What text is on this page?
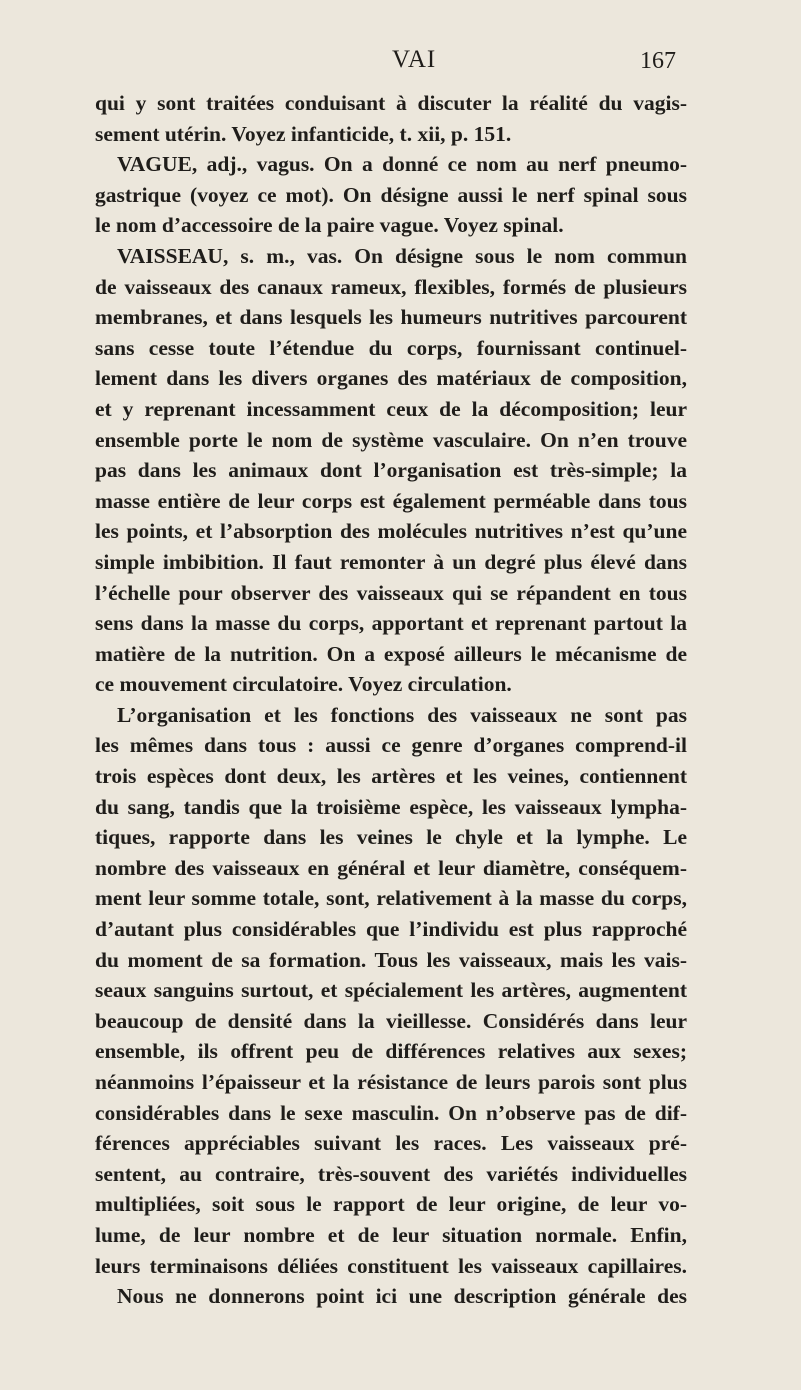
VAI	167
qui y sont traitées conduisant à discuter la réalité du vagis-
sement utérin. Voyez infanticide, t. xii, p. 151.
VAGUE, adj., vagus. On a donné ce nom au nerf pneumo-
gastrique (voyez ce mot). On désigne aussi le nerf spinal sous
le nom d’accessoire de la paire vague. Voyez spinal.
VAISSEAU, s. m., vas. On désigne sous le nom commun
de vaisseaux des canaux rameux, flexibles, formés de plusieurs
membranes, et dans lesquels les humeurs nutritives parcourent
sans cesse toute l’étendue du corps, fournissant continuel-
lement dans les divers organes des matériaux de composition,
et y reprenant incessamment ceux de la décomposition; leur
ensemble porte le nom de système vasculaire. On n’en trouve
pas dans les animaux dont l’organisation est très-simple; la
masse entière de leur corps est également perméable dans tous
les points, et l’absorption des molécules nutritives n’est qu’une
simple imbibition. Il faut remonter à un degré plus élevé dans
l’échelle pour observer des vaisseaux qui se répandent en tous
sens dans la masse du corps, apportant et reprenant partout la
matière de la nutrition. On a exposé ailleurs le mécanisme de
ce mouvement circulatoire. Voyez circulation.
L’organisation et les fonctions des vaisseaux ne sont pas
les mêmes dans tous : aussi ce genre d’organes comprend-il
trois espèces dont deux, les artères et les veines, contiennent
du sang, tandis que la troisième espèce, les vaisseaux lympha-
tiques, rapporte dans les veines le chyle et la lymphe. Le
nombre des vaisseaux en général et leur diamètre, conséquem-
ment leur somme totale, sont, relativement à la masse du corps,
d’autant plus considérables que l’individu est plus rapproché
du moment de sa formation. Tous les vaisseaux, mais les vais-
seaux sanguins surtout, et spécialement les artères, augmentent
beaucoup de densité dans la vieillesse. Considérés dans leur
ensemble, ils offrent peu de différences relatives aux sexes;
néanmoins l’épaisseur et la résistance de leurs parois sont plus
considérables dans le sexe masculin. On n’observe pas de dif-
férences appréciables suivant les races. Les vaisseaux pré-
sentent, au contraire, très-souvent des variétés individuelles
multipliées, soit sous le rapport de leur origine, de leur vo-
lume, de leur nombre et de leur situation normale. Enfin,
leurs terminaisons déliées constituent les vaisseaux capillaires.
Nous ne donnerons point ici une description générale des
